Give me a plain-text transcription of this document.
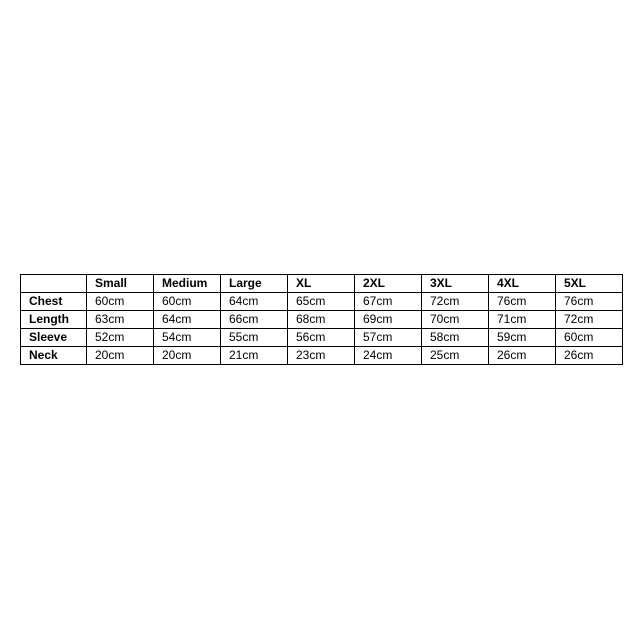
	Small	Medium	Large	XL	2XL	3XL	4XL	5XL
Chest	60cm	60cm	64cm	65cm	67cm	72cm	76cm	76cm
Length	63cm	64cm	66cm	68cm	69cm	70cm	71cm	72cm
Sleeve	52cm	54cm	55cm	56cm	57cm	58cm	59cm	60cm
Neck	20cm	20cm	21cm	23cm	24cm	25cm	26cm	26cm
